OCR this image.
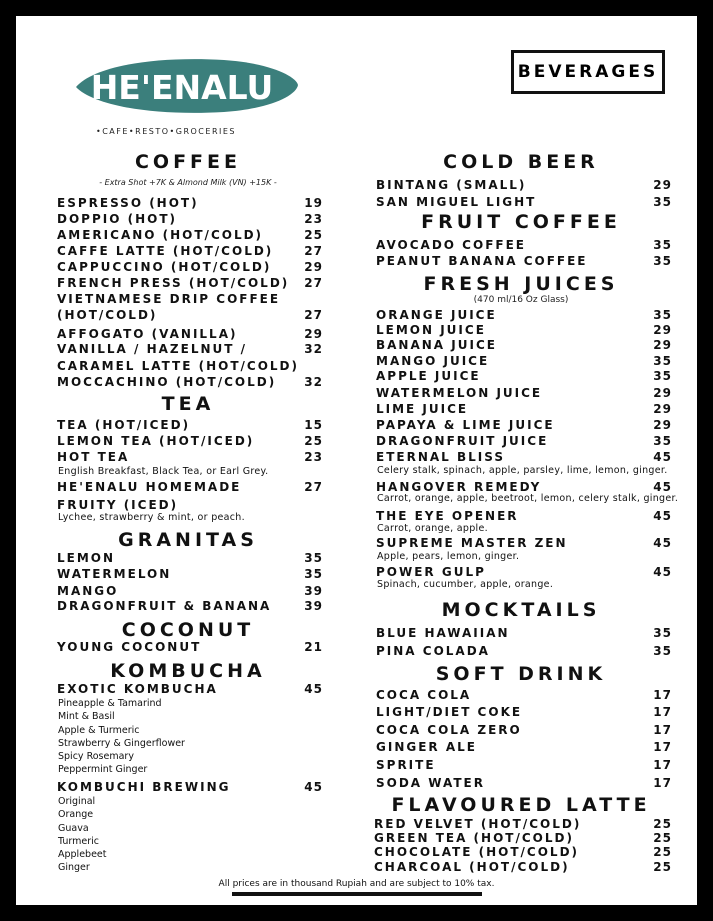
HE'ENALU
•CAFE•RESTO•GROCERIES
BEVERAGES
COFFEE
- Extra Shot +7K & Almond Milk (VN) +15K -
ESPRESSO (HOT)	19
DOPPIO (HOT)	23
AMERICANO (HOT/COLD)	25
CAFFE LATTE (HOT/COLD)	27
CAPPUCCINO (HOT/COLD)	29
FRENCH PRESS (HOT/COLD) 27
VIETNAMESE DRIP COFFEE
(HOT/COLD)	27
AFFOGATO (VANILLA)	29
VANILLA / HAZELNUT /	32
CARAMEL LATTE (HOT/COLD)
MOCCACHINO (HOT/COLD) 32
TEA
TEA (HOT/ICED)	15
LEMON TEA (HOT/ICED)	25
HOT TEA	23
English Breakfast, Black Tea, or Earl Grey.
HE'ENALU HOMEMADE	27
FRUITY (ICED)
Lychee, strawberry & mint, or peach.
GRANITAS
LEMON	35
WATERMELON	35
MANGO	39
DRAGONFRUIT & BANANA	39
COCONUT
YOUNG COCONUT	21
KOMBUCHA
EXOTIC KOMBUCHA	45
Pineapple & Tamarind
Mint & Basil
Apple & Turmeric
Strawberry & Gingerflower
Spicy Rosemary
Peppermint Ginger
KOMBUCHI BREWING	45
Original
Orange
Guava
Turmeric
Applebeet
Ginger
COLD BEER
BINTANG (SMALL)	29
SAN MIGUEL LIGHT	35
FRUIT COFFEE
AVOCADO COFFEE	35
PEANUT BANANA COFFEE	35
FRESH JUICES
(470 ml/16 Oz Glass)
ORANGE JUICE	35
LEMON JUICE	29
BANANA JUICE	29
MANGO JUICE	35
APPLE JUICE	35
WATERMELON JUICE	29
LIME JUICE	29
PAPAYA & LIME JUICE	29
DRAGONFRUIT JUICE	35
ETERNAL BLISS	45
Celery stalk, spinach, apple, parsley, lime, lemon, ginger.
HANGOVER REMEDY	45
Carrot, orange, apple, beetroot, lemon, celery stalk, ginger.
THE EYE OPENER	45
Carrot, orange, apple.
SUPREME MASTER ZEN	45
Apple, pears, lemon, ginger.
POWER GULP	45
Spinach, cucumber, apple, orange.
MOCKTAILS
BLUE HAWAIIAN	35
PINA COLADA	35
SOFT DRINK
COCA COLA	17
LIGHT/DIET COKE	17
COCA COLA ZERO	17
GINGER ALE	17
SPRITE	17
SODA WATER	17
FLAVOURED LATTE
RED VELVET (HOT/COLD)	25
GREEN TEA (HOT/COLD)	25
CHOCOLATE (HOT/COLD)	25
CHARCOAL (HOT/COLD)	25
All prices are in thousand Rupiah and are subject to 10% tax.
